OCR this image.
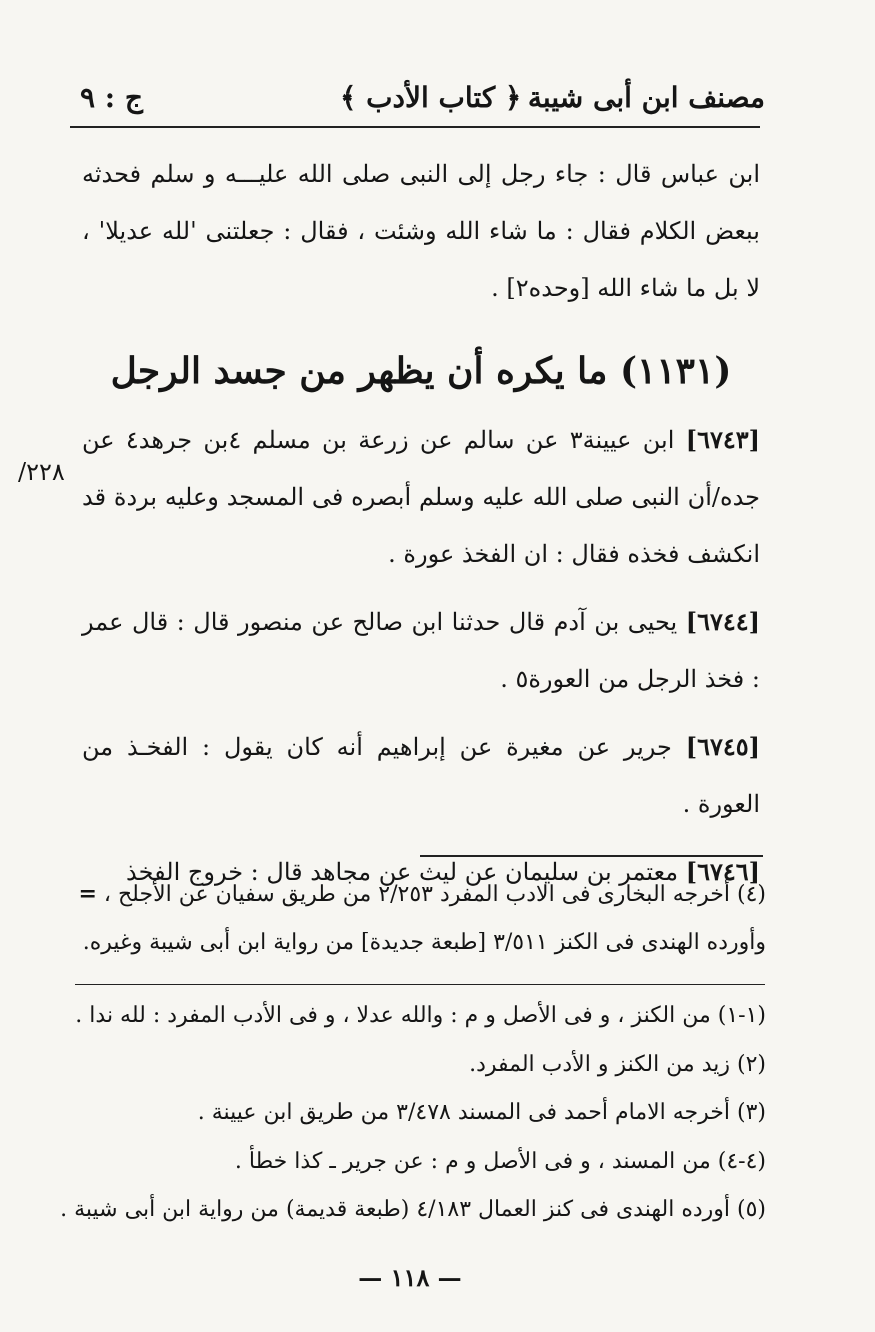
ج : ٩	﴿ كتاب الأدب ﴾ مصنف ابن أبى شيبة

ابن عباس قال : جاء رجل إلى النبى صلى الله عليـــه و سلم فحدثه ببعض الكلام فقال : ما شاء الله وشئت ، فقال : جعلتنى 'لله عديلا' ، لا بل ما شاء الله [وحده٢] .

(١١٣١) ما يكره أن يظهر من جسد الرجل

[٦٧٤٣] ابن عيينة٣ عن سالم عن زرعة بن مسلم ٤بن جرهد٤ عن جده/أن النبى صلى الله عليه وسلم أبصره فى المسجد وعليه بردة قد انكشف فخذه فقال : ان الفخذ عورة .

[٦٧٤٤] يحيى بن آدم قال حدثنا ابن صالح عن منصور قال : قال عمر : فخذ الرجل من العورة٥ .

[٦٧٤٥] جرير عن مغيرة عن إبراهيم أنه كان يقول : الفخـذ من العورة .

[٦٧٤٦] معتمر بن سليمان عن ليث عن مجاهد قال : خروج الفخذ

٢٢٨/

(٤) أخرجه البخارى فى الادب المفرد ٢/٢٥٣ من طريق سفيان عن الأجلح ، =

وأورده الهندى فى الكنز ٣/٥١١ [طبعة جديدة] من رواية ابن أبى شيبة وغيره.

(١-١) من الكنز ، و فى الأصل و م : والله عدلا ، و فى الأدب المفرد : لله ندا .

(٢) زيد من الكنز و الأدب المفرد.

(٣) أخرجه الامام أحمد فى المسند ٣/٤٧٨ من طريق ابن عيينة .

(٤-٤) من المسند ، و فى الأصل و م : عن جرير ـ كذا خطأ .

(٥) أورده الهندى فى كنز العمال ٤/١٨٣ (طبعة قديمة) من رواية ابن أبى شيبة .

— ١١٨ —
